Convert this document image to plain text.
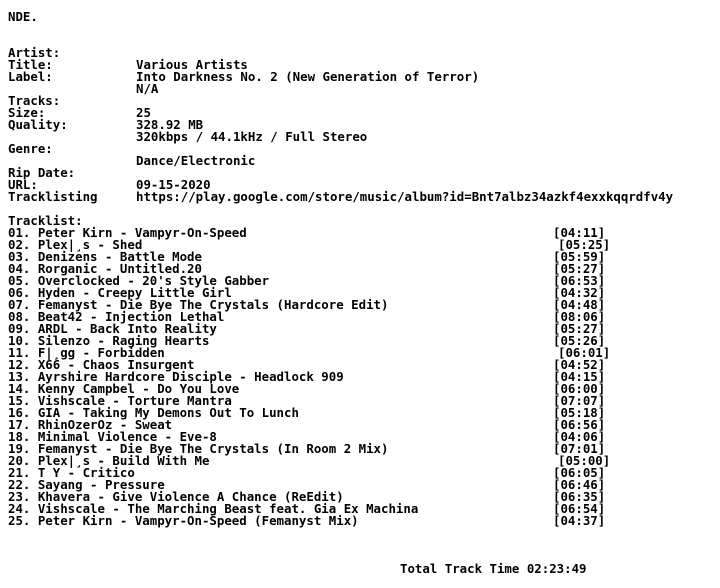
NDE.

Artist:

Various Artists

Title:

Into Darkness No. 2 (New Generation of Terror)

Label:

N/A

Tracks:

25

Size:

328.92 MB

Quality:

320kbps / 44.1kHz / Full Stereo

Genre:

Dance/Electronic

Rip Date:

09-15-2020

URL:

https://play.google.com/store/music/album?id=Bnt7albz34azkf4exxkqqrdfv4y

Tracklisting
Tracklist:
01. Peter Kirn - Vampyr-On-Speed	[04:11]
02. Plex|̧s - Shed	[05:25]
03. Denizens - Battle Mode	[05:59]
04. Rorganic - Untitled.20	[05:27]
05. Overclocked - 20's Style Gabber	[06:53]
06. Hyden - Creepy Little Girl	[04:32]
07. Femanyst - Die Bye The Crystals (Hardcore Edit)	[04:48]
08. Beat42 - Injection Lethal	[08:06]
09. ARDL - Back Into Reality	[05:27]
10. Silenzo - Raging Hearts	[05:26]
11. F|̧gg - Forbidden	[06:01]
12. X66 - Chaos Insurgent	[04:52]
13. Ayrshire Hardcore Disciple - Headlock 909	[04:15]
14. Kenny Campbel - Do You Love	[06:00]
15. Vishscale - Torture Mantra	[07:07]
16. GIA - Taking My Demons Out To Lunch	[05:18]
17. RhinOzerOz - Sweat	[06:56]
18. Minimal Violence - Eve-8	[04:06]
19. Femanyst - Die Bye The Crystals (In Room 2 Mix)	[07:01]
20. Plex|̧s - Build With Me	[05:00]
21. T Y - Critico	[06:05]
22. Sayang - Pressure	[06:46]
23. Khavera - Give Violence A Chance (ReEdit)	[06:35]
24. Vishscale - The Marching Beast feat. Gia Ex Machina	[06:54]
25. Peter Kirn - Vampyr-On-Speed (Femanyst Mix)	[04:37]

Total Track Time 02:23:49
